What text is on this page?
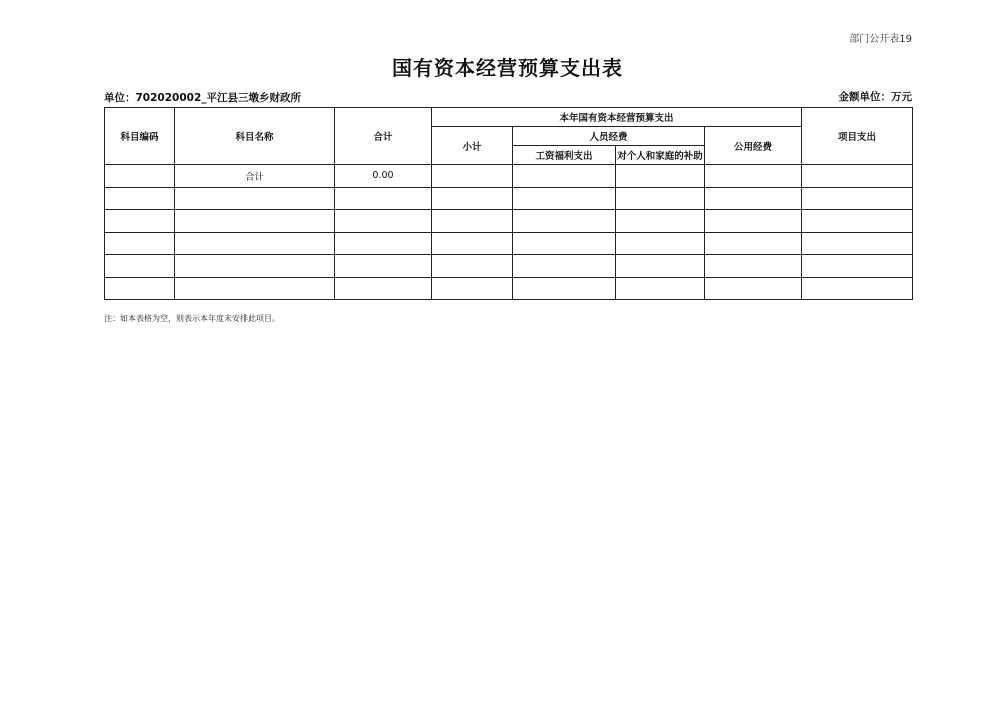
部门公开表19
国有资本经营预算支出表
单位：702020002_平江县三墩乡财政所	金额单位：万元
科目编码	科目名称	合计	本年国有资本经营预算支出				项目支出
			小计	人员经费		公用经费	
				工资福利支出	对个人和家庭的补助		
	合计	0.00					

注：如本表格为空，则表示本年度未安排此项目。
